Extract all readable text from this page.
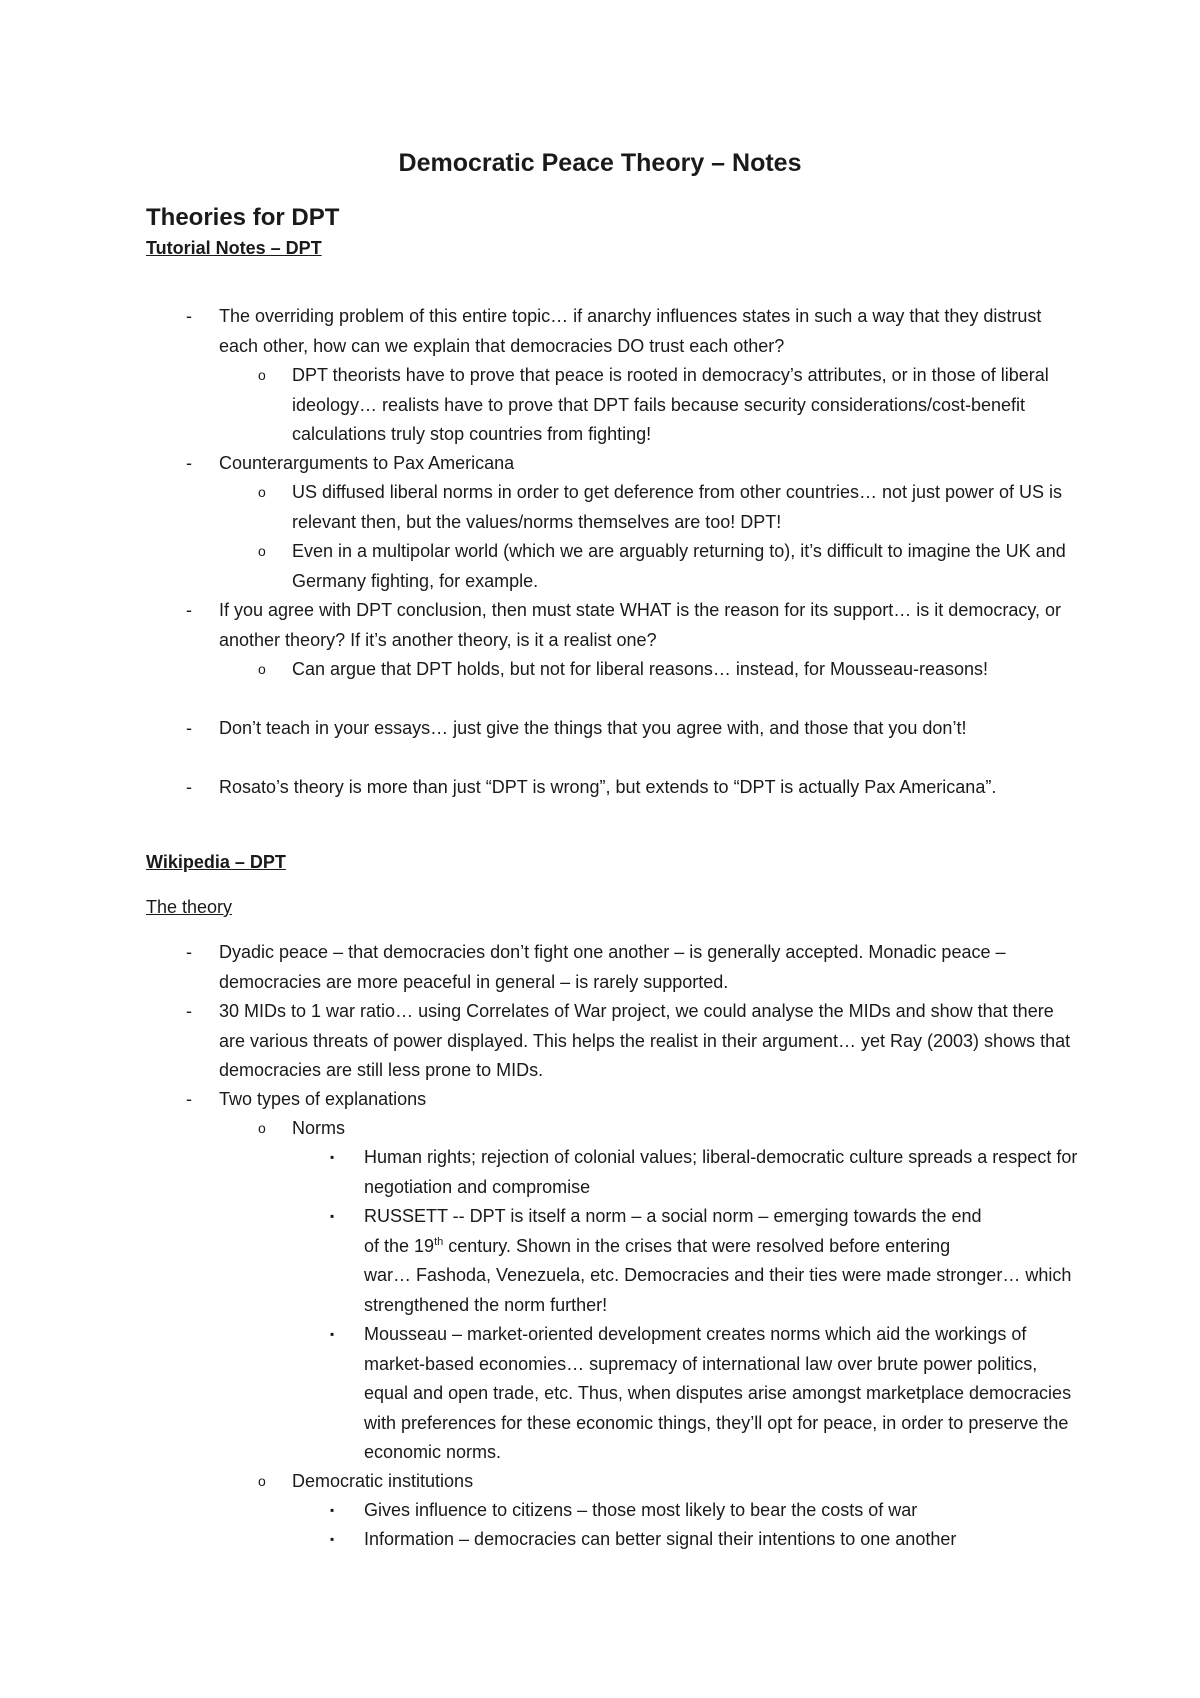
Democratic Peace Theory – Notes
Theories for DPT
Tutorial Notes – DPT
- The overriding problem of this entire topic… if anarchy influences states in such a way that they distrust each other, how can we explain that democracies DO trust each other?
o DPT theorists have to prove that peace is rooted in democracy’s attributes, or in those of liberal ideology… realists have to prove that DPT fails because security considerations/cost-benefit calculations truly stop countries from fighting!
- Counterarguments to Pax Americana
o US diffused liberal norms in order to get deference from other countries… not just power of US is relevant then, but the values/norms themselves are too! DPT!
o Even in a multipolar world (which we are arguably returning to), it’s difficult to imagine the UK and Germany fighting, for example.
- If you agree with DPT conclusion, then must state WHAT is the reason for its support… is it democracy, or another theory? If it’s another theory, is it a realist one?
o Can argue that DPT holds, but not for liberal reasons… instead, for Mousseau-reasons!
- Don’t teach in your essays… just give the things that you agree with, and those that you don’t!
- Rosato’s theory is more than just “DPT is wrong”, but extends to “DPT is actually Pax Americana”.
Wikipedia – DPT
The theory
- Dyadic peace – that democracies don’t fight one another – is generally accepted. Monadic peace – democracies are more peaceful in general – is rarely supported.
- 30 MIDs to 1 war ratio… using Correlates of War project, we could analyse the MIDs and show that there are various threats of power displayed. This helps the realist in their argument… yet Ray (2003) shows that democracies are still less prone to MIDs.
- Two types of explanations
o Norms
▪ Human rights; rejection of colonial values; liberal-democratic culture spreads a respect for negotiation and compromise
▪ RUSSETT -- DPT is itself a norm – a social norm – emerging towards the end
of the 19th century. Shown in the crises that were resolved before entering
war… Fashoda, Venezuela, etc. Democracies and their ties were made stronger… which strengthened the norm further!
▪ Mousseau – market-oriented development creates norms which aid the workings of market-based economies… supremacy of international law over brute power politics, equal and open trade, etc. Thus, when disputes arise amongst marketplace democracies with preferences for these economic things, they’ll opt for peace, in order to preserve the economic norms.
o Democratic institutions
▪ Gives influence to citizens – those most likely to bear the costs of war
▪ Information – democracies can better signal their intentions to one another
